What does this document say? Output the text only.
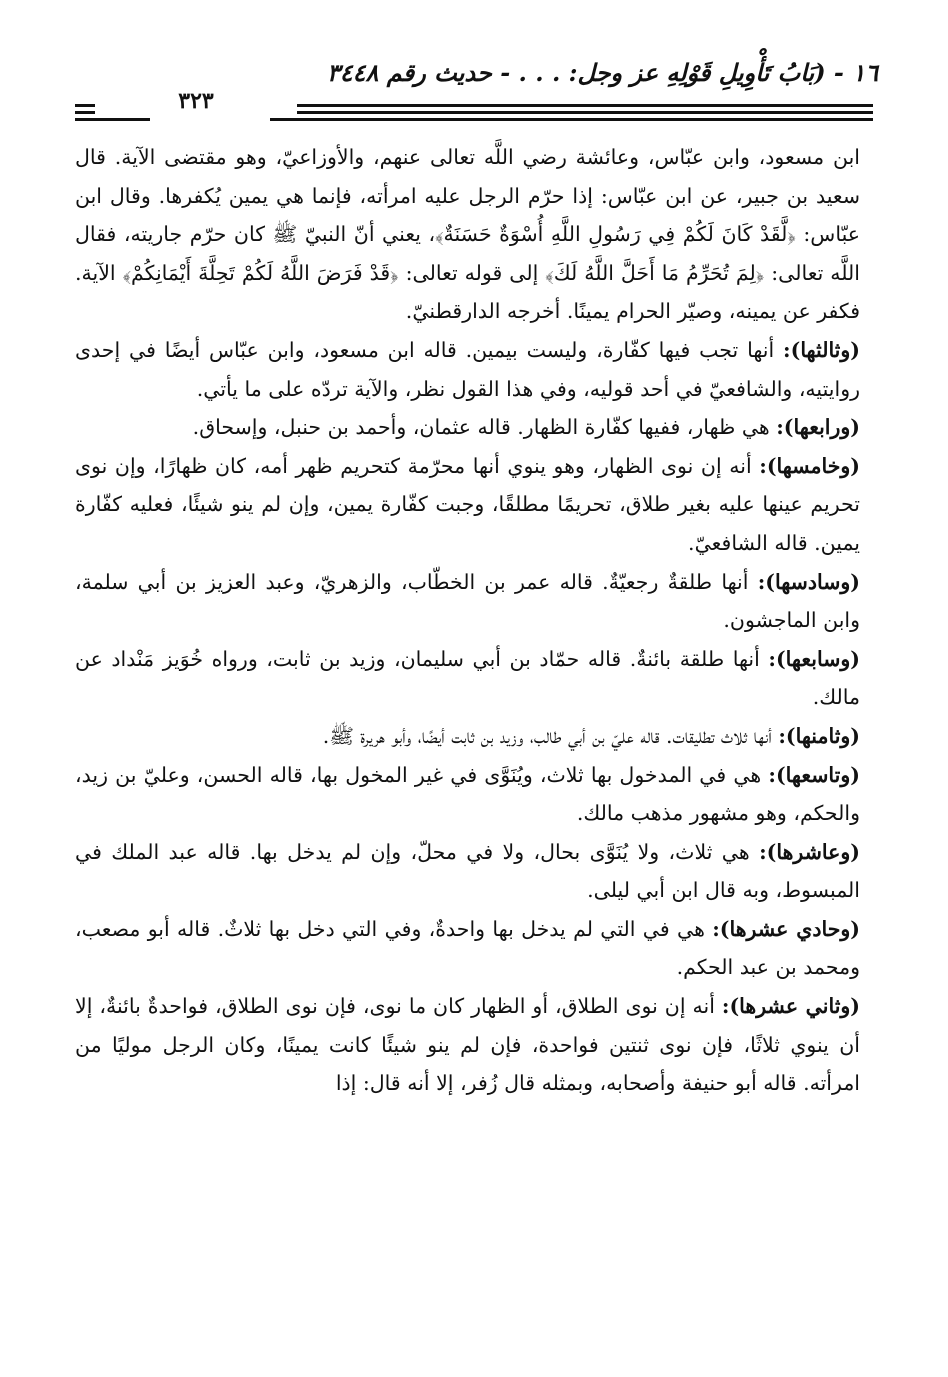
١٦ - (بَابُ تَأْوِيلِ قَوْلِهِ عز وجل: . . . - حديث رقم ٣٤٤٨
٣٢٣

ابن مسعود، وابن عبّاس، وعائشة رضي اللَّه تعالى عنهم، والأوزاعيّ، وهو مقتضى الآية. قال سعيد بن جبير، عن ابن عبّاس: إذا حرّم الرجل عليه امرأته، فإنما هي يمين يُكفرها. وقال ابن عبّاس: ﴿لَّقَدْ كَانَ لَكُمْ فِي رَسُولِ اللَّهِ أُسْوَةٌ حَسَنَةٌ﴾، يعني أنّ النبيّ ﷺ كان حرّم جاريته، فقال اللَّه تعالى: ﴿لِمَ تُحَرِّمُ مَا أَحَلَّ اللَّهُ لَكَ﴾ إلى قوله تعالى: ﴿قَدْ فَرَضَ اللَّهُ لَكُمْ تَحِلَّةَ أَيْمَانِكُمْ﴾ الآية. فكفر عن يمينه، وصيّر الحرام يمينًا. أخرجه الدارقطنيّ.

(وثالثها): أنها تجب فيها كفّارة، وليست بيمين. قاله ابن مسعود، وابن عبّاس أيضًا في إحدى روايتيه، والشافعيّ في أحد قوليه، وفي هذا القول نظر، والآية تردّه على ما يأتي.

(ورابعها): هي ظهار، ففيها كفّارة الظهار. قاله عثمان، وأحمد بن حنبل، وإسحاق.

(وخامسها): أنه إن نوى الظهار، وهو ينوي أنها محرّمة كتحريم ظهر أمه، كان ظهارًا، وإن نوى تحريم عينها عليه بغير طلاق، تحريمًا مطلقًا، وجبت كفّارة يمين، وإن لم ينو شيئًا، فعليه كفّارة يمين. قاله الشافعيّ.

(وسادسها): أنها طلقةٌ رجعيّةٌ. قاله عمر بن الخطّاب، والزهريّ، وعبد العزيز بن أبي سلمة، وابن الماجشون.

(وسابعها): أنها طلقة بائنةٌ. قاله حمّاد بن أبي سليمان، وزيد بن ثابت، ورواه خُوَيز مَنْداد عن مالك.

(وثامنها): أنها ثلاث تطليقات. قاله عليّ بن أبي طالب، وزيد بن ثابت أيضًا، وأبو هريرة ﷺ.

(وتاسعها): هي في المدخول بها ثلاث، ويُنَوَّى في غير المخول بها، قاله الحسن، وعليّ بن زيد، والحكم، وهو مشهور مذهب مالك.

(وعاشرها): هي ثلاث، ولا يُنَوَّى بحال، ولا في محلّ، وإن لم يدخل بها. قاله عبد الملك في المبسوط، وبه قال ابن أبي ليلى.

(وحادي عشرها): هي في التي لم يدخل بها واحدةٌ، وفي التي دخل بها ثلاثٌ. قاله أبو مصعب، ومحمد بن عبد الحكم.

(وثاني عشرها): أنه إن نوى الطلاق، أو الظهار كان ما نوى، فإن نوى الطلاق، فواحدةٌ بائنةٌ، إلا أن ينوي ثلاثًا، فإن نوى ثنتين فواحدة، فإن لم ينو شيئًا كانت يمينًا، وكان الرجل موليًا من امرأته. قاله أبو حنيفة وأصحابه، وبمثله قال زُفر، إلا أنه قال: إذا
